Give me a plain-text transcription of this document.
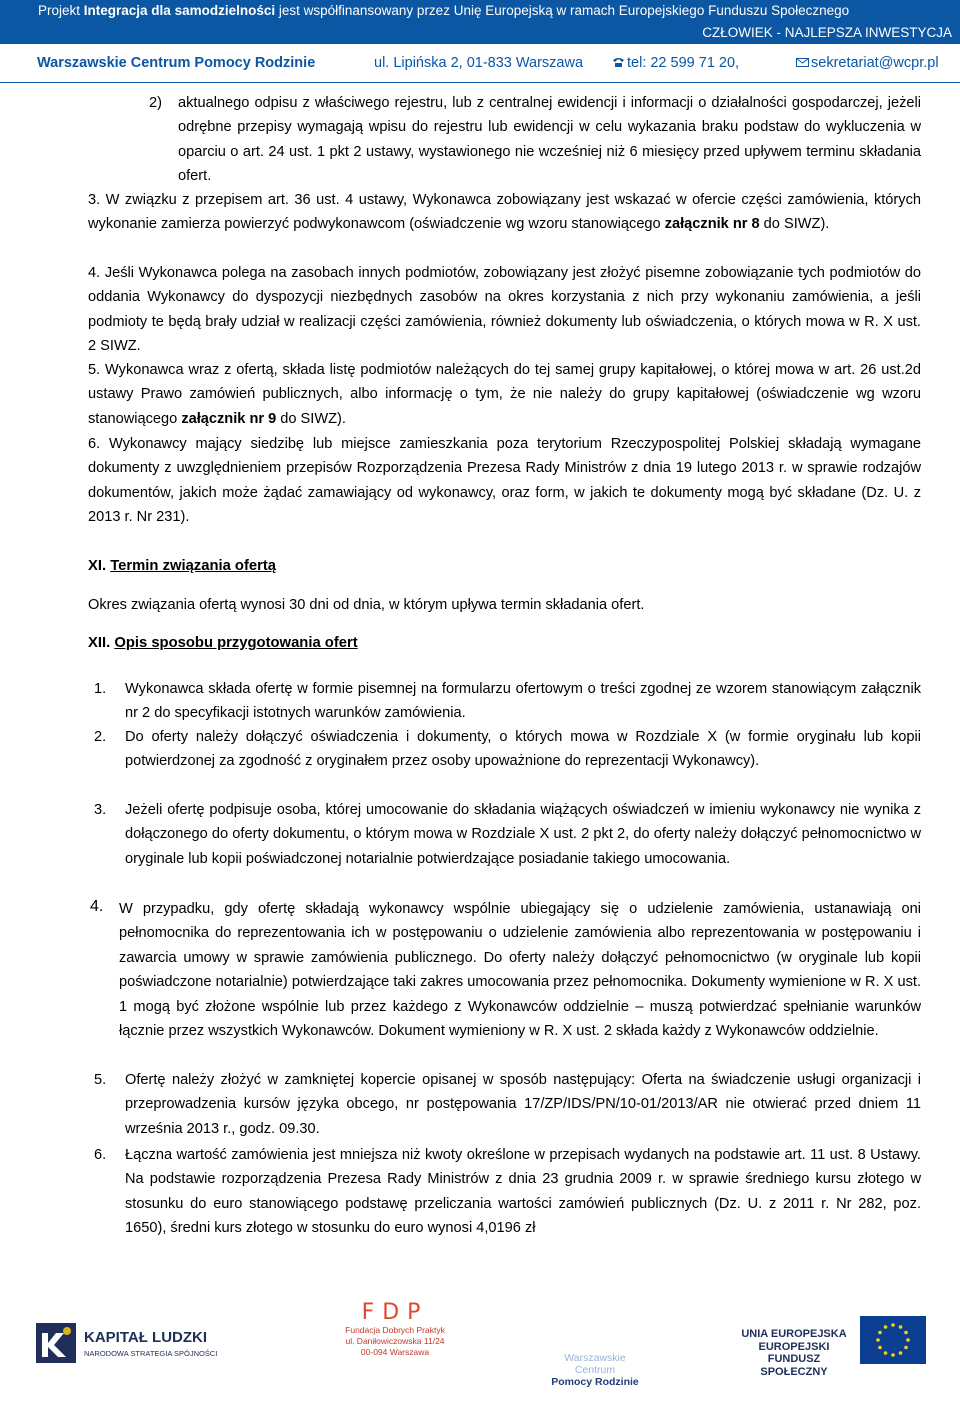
Projekt Integracja dla samodzielności jest współfinansowany przez Unię Europejską w ramach Europejskiego Funduszu Społecznego
CZŁOWIEK - NAJLEPSZA INWESTYCJA
Warszawskie Centrum Pomocy Rodzinie	ul. Lipińska 2, 01-833 Warszawa	tel: 22 599 71 20,	sekretariat@wcpr.pl
2) aktualnego odpisu z właściwego rejestru, lub z centralnej ewidencji i informacji o działalności gospodarczej, jeżeli odrębne przepisy wymagają wpisu do rejestru lub ewidencji w celu wykazania braku podstaw do wykluczenia w oparciu o art. 24 ust. 1 pkt 2 ustawy, wystawionego nie wcześniej niż 6 miesięcy przed upływem terminu składania ofert.

3. W związku z przepisem art. 36 ust. 4 ustawy, Wykonawca zobowiązany jest wskazać w ofercie części zamówienia, których wykonanie zamierza powierzyć podwykonawcom (oświadczenie wg wzoru stanowiącego załącznik nr 8 do SIWZ).

4. Jeśli Wykonawca polega na zasobach innych podmiotów, zobowiązany jest złożyć pisemne zobowiązanie tych podmiotów do oddania Wykonawcy do dyspozycji niezbędnych zasobów na okres korzystania z nich przy wykonaniu zamówienia, a jeśli podmioty te będą brały udział w realizacji części zamówienia, również dokumenty lub oświadczenia, o których mowa w R. X ust. 2 SIWZ.

5. Wykonawca wraz z ofertą, składa listę podmiotów należących do tej samej grupy kapitałowej, o której mowa w art. 26 ust.2d ustawy Prawo zamówień publicznych, albo informację o tym, że nie należy do grupy kapitałowej (oświadczenie wg wzoru stanowiącego załącznik nr 9 do SIWZ).

6. Wykonawcy mający siedzibę lub miejsce zamieszkania poza terytorium Rzeczypospolitej Polskiej składają wymagane dokumenty z uwzględnieniem przepisów Rozporządzenia Prezesa Rady Ministrów z dnia 19 lutego 2013 r. w sprawie rodzajów dokumentów, jakich może żądać zamawiający od wykonawcy, oraz form, w jakich te dokumenty mogą być składane (Dz. U. z 2013 r. Nr 231).

XI. Termin związania ofertą
Okres związania ofertą wynosi 30 dni od dnia, w którym upływa termin składania ofert.
XII. Opis sposobu przygotowania ofert
1. Wykonawca składa ofertę w formie pisemnej na formularzu ofertowym o treści zgodnej ze wzorem stanowiącym załącznik nr 2 do specyfikacji istotnych warunków zamówienia.

2. Do oferty należy dołączyć oświadczenia i dokumenty, o których mowa w Rozdziale X (w formie oryginału lub kopii potwierdzonej za zgodność z oryginałem przez osoby upoważnione do reprezentacji Wykonawcy).

3. Jeżeli ofertę podpisuje osoba, której umocowanie do składania wiążących oświadczeń w imieniu wykonawcy nie wynika z dołączonego do oferty dokumentu, o którym mowa w Rozdziale X ust. 2 pkt 2, do oferty należy dołączyć pełnomocnictwo w oryginale lub kopii poświadczonej notarialnie potwierdzające posiadanie takiego umocowania.

4. W przypadku, gdy ofertę składają wykonawcy wspólnie ubiegający się o udzielenie zamówienia, ustanawiają oni pełnomocnika do reprezentowania ich w postępowaniu o udzielenie zamówienia albo reprezentowania w postępowaniu i zawarcia umowy w sprawie zamówienia publicznego. Do oferty należy dołączyć pełnomocnictwo (w oryginale lub kopii poświadczone notarialnie) potwierdzające taki zakres umocowania przez pełnomocnika. Dokumenty wymienione w R. X ust. 1 mogą być złożone wspólnie lub przez każdego z Wykonawców oddzielnie – muszą potwierdzać spełnianie warunków łącznie przez wszystkich Wykonawców. Dokument wymieniony w R. X ust. 2 składa każdy z Wykonawców oddzielnie.

5. Ofertę należy złożyć w zamkniętej kopercie opisanej w sposób następujący: Oferta na świadczenie usługi organizacji i przeprowadzenia kursów języka obcego, nr postępowania 17/ZP/IDS/PN/10-01/2013/AR nie otwierać przed dniem 11 września 2013 r., godz. 09.30.

6. Łączna wartość zamówienia jest mniejsza niż kwoty określone w przepisach wydanych na podstawie art. 11 ust. 8 Ustawy. Na podstawie rozporządzenia Prezesa Rady Ministrów z dnia 23 grudnia 2009 r. w sprawie średniego kursu złotego w stosunku do euro stanowiącego podstawę przeliczania wartości zamówień publicznych (Dz. U. z 2011 r. Nr 282, poz. 1650), średni kurs złotego w stosunku do euro wynosi 4,0196 zł

KAPITAŁ LUDZKI
NARODOWA STRATEGIA SPÓJNOŚCI
FDP
Fundacja Dobrych Praktyk
ul. Daniłowiczowska 11/24
00-094 Warszawa	Warszawskie Centrum
Pomocy Rodzinie
UNIA EUROPEJSKA EUROPEJSKI FUNDUSZ SPOŁECZNY
